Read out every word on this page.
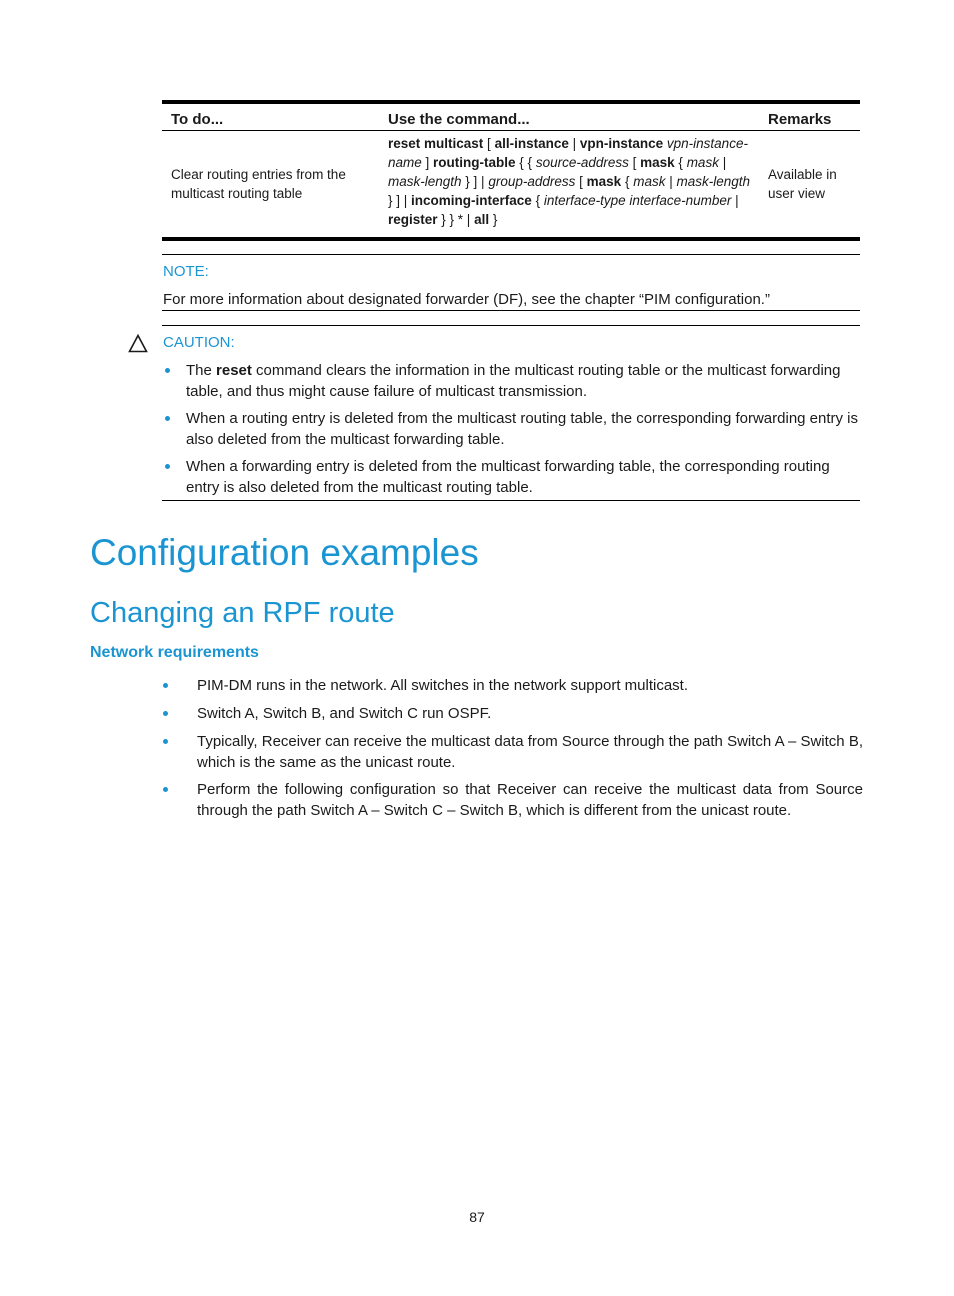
To do...	Use the command...	Remarks
Clear routing entries from the multicast routing table
reset multicast [ all-instance | vpn-instance vpn-instance-name ] routing-table { { source-address [ mask { mask | mask-length } ] | group-address [ mask { mask | mask-length } ] | incoming-interface { interface-type interface-number | register } } * | all }
Available in user view
NOTE:
For more information about designated forwarder (DF), see the chapter “PIM configuration.”
CAUTION:
The reset command clears the information in the multicast routing table or the multicast forwarding table, and thus might cause failure of multicast transmission.
When a routing entry is deleted from the multicast routing table, the corresponding forwarding entry is also deleted from the multicast forwarding table.
When a forwarding entry is deleted from the multicast forwarding table, the corresponding routing entry is also deleted from the multicast routing table.
Configuration examples
Changing an RPF route
Network requirements
PIM-DM runs in the network. All switches in the network support multicast.
Switch A, Switch B, and Switch C run OSPF.
Typically, Receiver can receive the multicast data from Source through the path Switch A – Switch B, which is the same as the unicast route.
Perform the following configuration so that Receiver can receive the multicast data from Source through the path Switch A – Switch C – Switch B, which is different from the unicast route.
87
